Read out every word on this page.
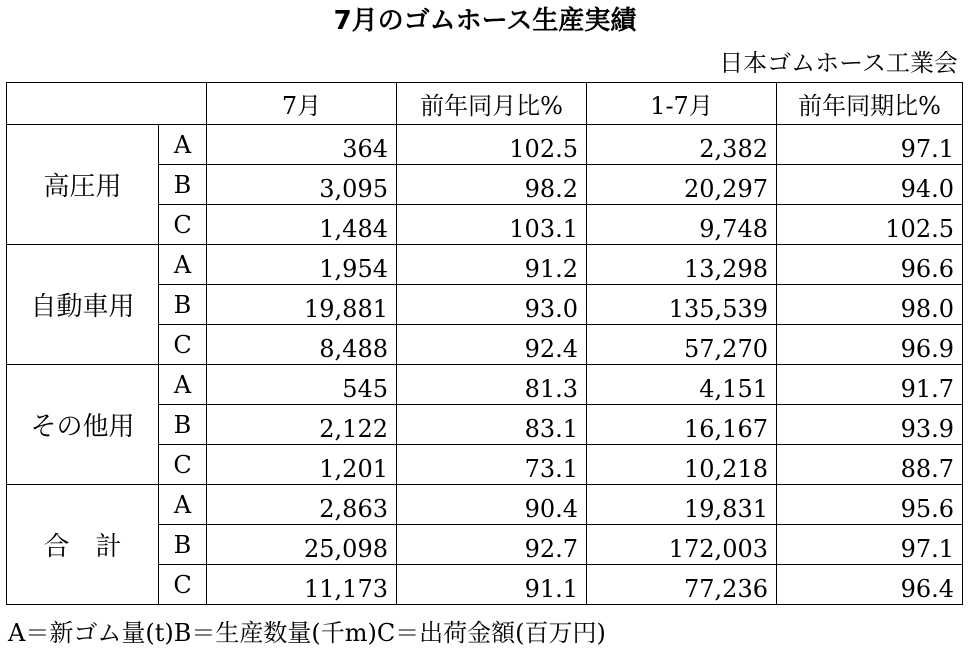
7月のゴムホース生産実績
日本ゴムホース工業会
		7月	前年同月比%	1-7月	前年同期比%
高圧用	A	364	102.5	2,382	97.1
	B	3,095	98.2	20,297	94.0
	C	1,484	103.1	9,748	102.5
自動車用	A	1,954	91.2	13,298	96.6
	B	19,881	93.0	135,539	98.0
	C	8,488	92.4	57,270	96.9
その他用	A	545	81.3	4,151	91.7
	B	2,122	83.1	16,167	93.9
	C	1,201	73.1	10,218	88.7
合　計	A	2,863	90.4	19,831	95.6
	B	25,098	92.7	172,003	97.1
	C	11,173	91.1	77,236	96.4
A＝新ゴム量(t)B＝生産数量(千m)C＝出荷金額(百万円)
